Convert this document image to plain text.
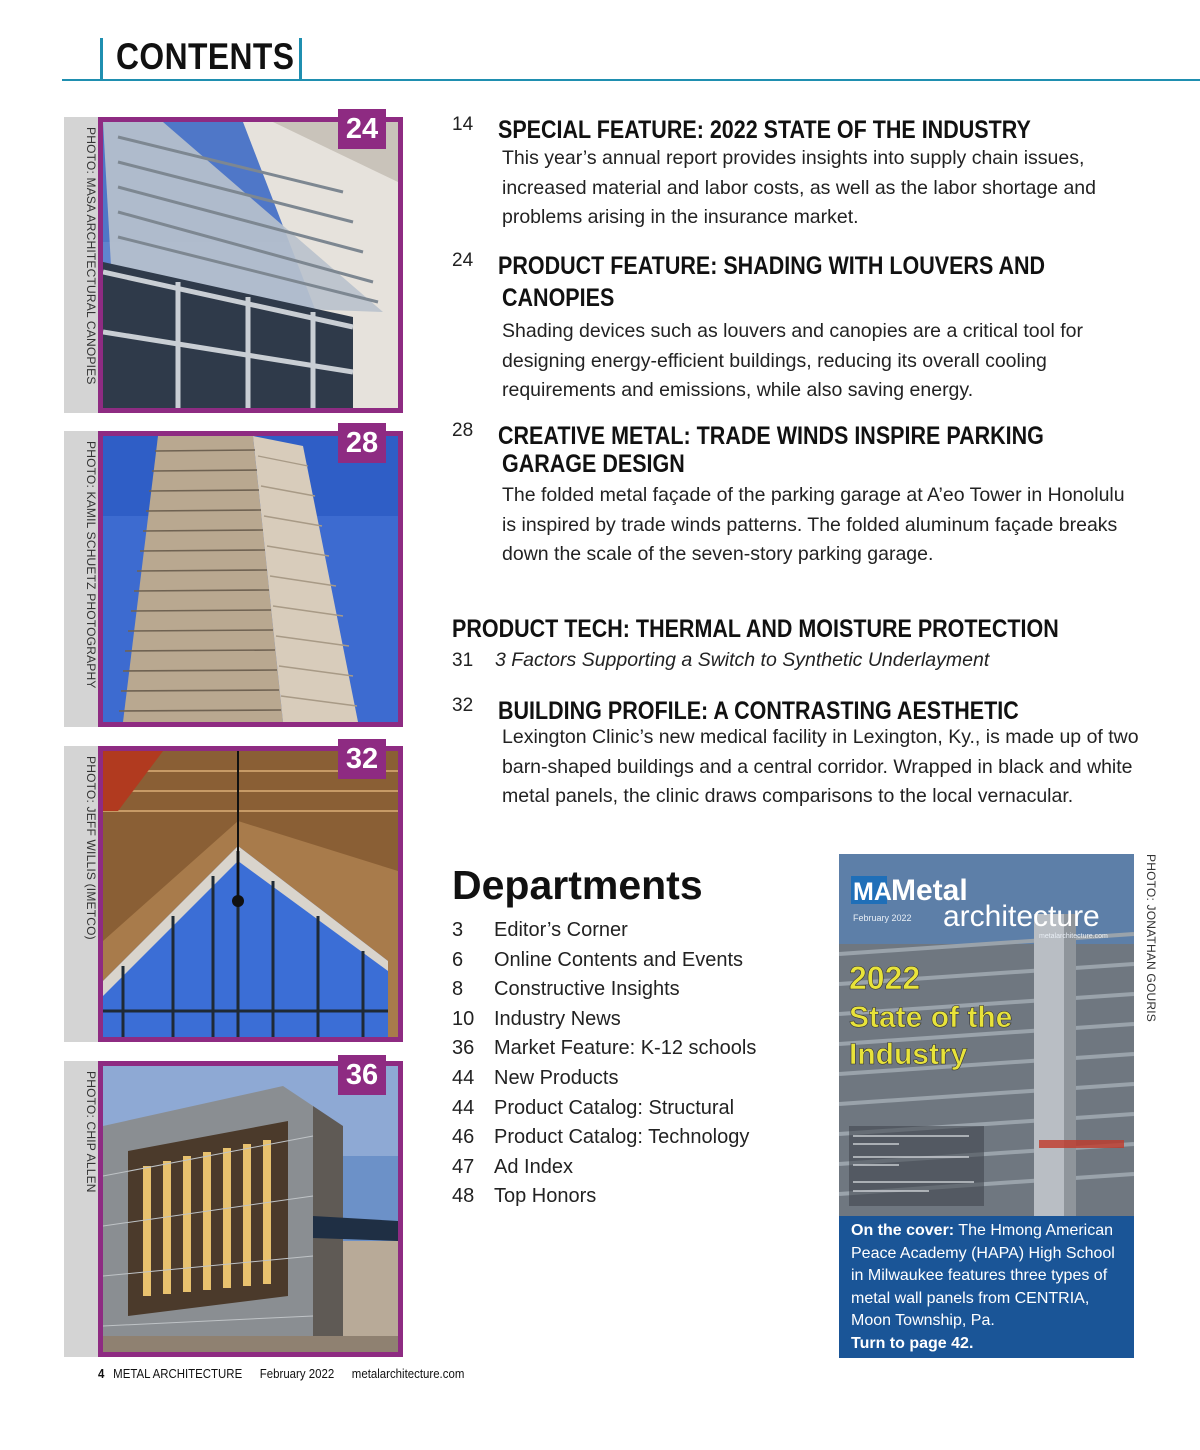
CONTENTS
PHOTO: MASA ARCHITECTURAL CANOPIES	24
PHOTO: KAMIL SCHUETZ PHOTOGRAPHY	28
PHOTO: JEFF WILLIS (IMETCO)	32
PHOTO: CHIP ALLEN	36
14 SPECIAL FEATURE: 2022 STATE OF THE INDUSTRY
This year’s annual report provides insights into supply chain issues, increased material and labor costs, as well as the labor shortage and problems arising in the insurance market.
24 PRODUCT FEATURE: SHADING WITH LOUVERS AND
CANOPIES
Shading devices such as louvers and canopies are a critical tool for designing energy-efficient buildings, reducing its overall cooling requirements and emissions, while also saving energy.
28 CREATIVE METAL: TRADE WINDS INSPIRE PARKING
GARAGE DESIGN
The folded metal façade of the parking garage at A’eo Tower in Honolulu is inspired by trade winds patterns. The folded aluminum façade breaks down the scale of the seven-story parking garage.
PRODUCT TECH: THERMAL AND MOISTURE PROTECTION
31 3 Factors Supporting a Switch to Synthetic Underlayment
32 BUILDING PROFILE: A CONTRASTING AESTHETIC
Lexington Clinic’s new medical facility in Lexington, Ky., is made up of two barn-shaped buildings and a central corridor. Wrapped in black and white metal panels, the clinic draws comparisons to the local vernacular.
Departments
3 Editor’s Corner
6 Online Contents and Events
8 Constructive Insights
10 Industry News
36 Market Feature: K-12 schools
44 New Products
44 Product Catalog: Structural
46 Product Catalog: Technology
47 Ad Index
48 Top Honors
MA Metal
architecture
February 2022
metalarchitecture.com
2022
State of the
Industry
PHOTO: JONATHAN GOURIS
On the cover: The Hmong American Peace Academy (HAPA) High School in Milwaukee features three types of metal wall panels from CENTRIA, Moon Township, Pa.
Turn to page 42.
4 METAL ARCHITECTURE February 2022 metalarchitecture.com
